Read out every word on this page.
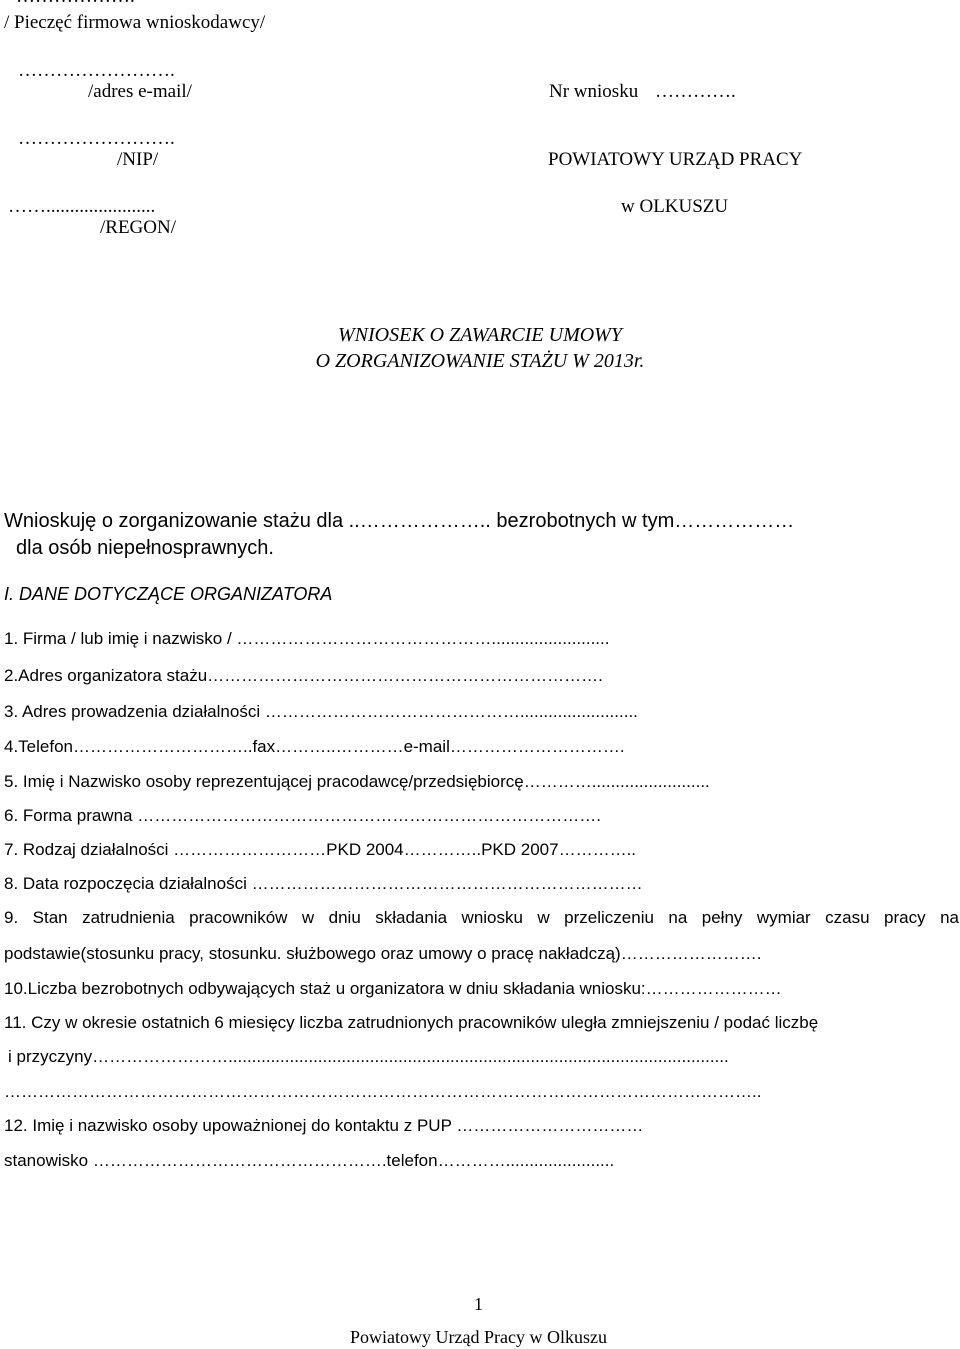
/ Pieczęć firmowa wnioskodawcy/
…………………….
/adres e-mail/
…………………….
/NIP/
…….......................
/REGON/
Nr wniosku ………….
POWIATOWY URZĄD PRACY
w OLKUSZU
WNIOSEK O ZAWARCIE UMOWY
O ZORGANIZOWANIE STAŻU W 2013r.
Wnioskuję o zorganizowanie stażu dla ..……………….. bezrobotnych w tym………………
dla osób niepełnosprawnych.
I. DANE DOTYCZĄCE ORGANIZATORA
1. Firma / lub imię i nazwisko / ……………………………………….........................
2.Adres organizatora stażu…………………………………………………………….
3. Adres prowadzenia działalności ……………………………………….........................
4.Telefon…………………………..fax………..…………e-mail………………………….
5. Imię i Nazwisko osoby reprezentującej pracodawcę/przedsiębiorcę………….........................
6. Forma prawna ……………………………………………………………………….
7. Rodzaj działalności ………………………PKD 2004…………..PKD 2007…………..
8. Data rozpoczęcia działalności ……………………………………………………………
9. Stan zatrudnienia pracowników w dniu składania wniosku w przeliczeniu na pełny wymiar czasu pracy na
podstawie(stosunku pracy, stosunku. służbowego oraz umowy o pracę nakładczą)…………………….
10.Liczba bezrobotnych odbywających staż u organizatora w dniu składania wniosku:……………………
11. Czy w okresie ostatnich 6 miesięcy liczba zatrudnionych pracowników uległa zmniejszeniu / podać liczbę
i przyczyny……………………..........................................................................................................
……………………………………………………………………………………………………………………..
12. Imię i nazwisko osoby upoważnionej do kontaktu z PUP ……………………………
stanowisko …………………………………………….telefon………….......................
1
Powiatowy Urząd Pracy w Olkuszu
